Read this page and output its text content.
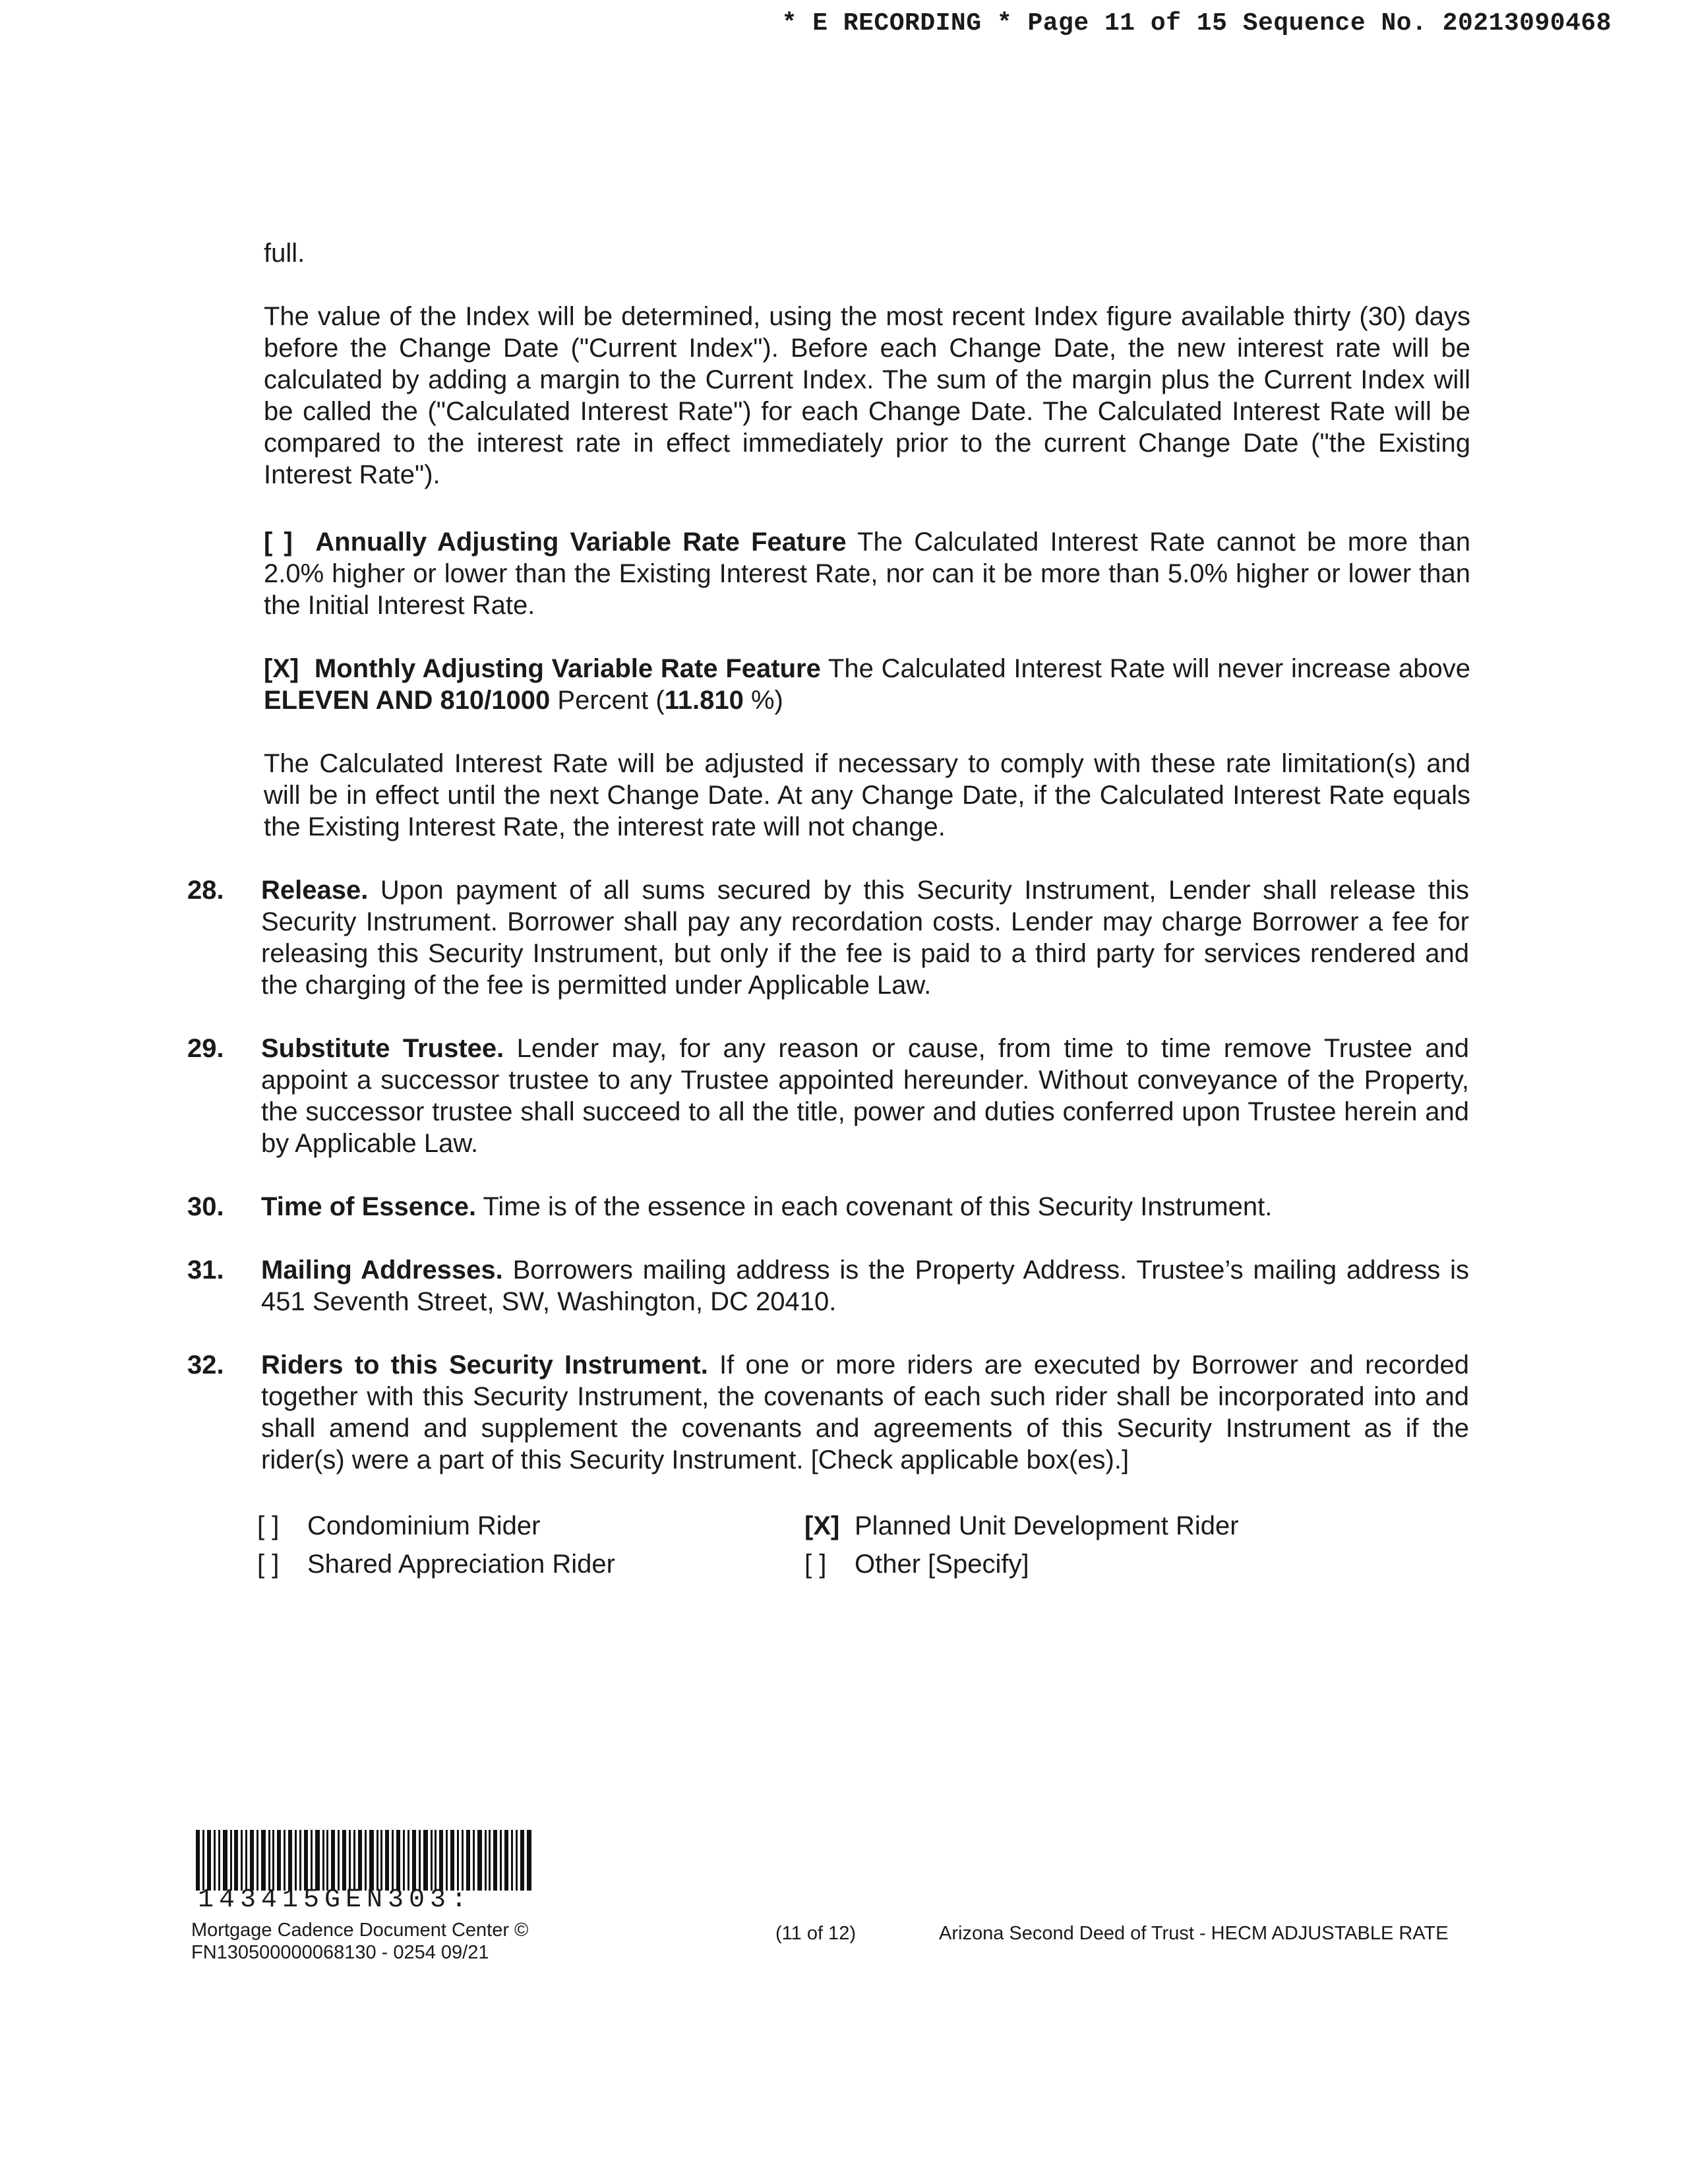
* E RECORDING * Page 11 of 15 Sequence No. 20213090468

full.

The value of the Index will be determined, using the most recent Index figure available thirty (30) days before the Change Date ("Current Index"). Before each Change Date, the new interest rate will be calculated by adding a margin to the Current Index. The sum of the margin plus the Current Index will be called the ("Calculated Interest Rate") for each Change Date. The Calculated Interest Rate will be compared to the interest rate in effect immediately prior to the current Change Date ("the Existing Interest Rate").

[ ] Annually Adjusting Variable Rate Feature The Calculated Interest Rate cannot be more than 2.0% higher or lower than the Existing Interest Rate, nor can it be more than 5.0% higher or lower than the Initial Interest Rate.

[X] Monthly Adjusting Variable Rate Feature The Calculated Interest Rate will never increase above ELEVEN AND 810/1000 Percent (11.810 %)

The Calculated Interest Rate will be adjusted if necessary to comply with these rate limitation(s) and will be in effect until the next Change Date. At any Change Date, if the Calculated Interest Rate equals the Existing Interest Rate, the interest rate will not change.

28. Release. Upon payment of all sums secured by this Security Instrument, Lender shall release this Security Instrument. Borrower shall pay any recordation costs. Lender may charge Borrower a fee for releasing this Security Instrument, but only if the fee is paid to a third party for services rendered and the charging of the fee is permitted under Applicable Law.
29. Substitute Trustee. Lender may, for any reason or cause, from time to time remove Trustee and appoint a successor trustee to any Trustee appointed hereunder. Without conveyance of the Property, the successor trustee shall succeed to all the title, power and duties conferred upon Trustee herein and by Applicable Law.
30. Time of Essence. Time is of the essence in each covenant of this Security Instrument.
31. Mailing Addresses. Borrowers mailing address is the Property Address. Trustee’s mailing address is 451 Seventh Street, SW, Washington, DC 20410.
32. Riders to this Security Instrument. If one or more riders are executed by Borrower and recorded together with this Security Instrument, the covenants of each such rider shall be incorporated into and shall amend and supplement the covenants and agreements of this Security Instrument as if the rider(s) were a part of this Security Instrument. [Check applicable box(es).]
[ ] Condominium Rider
[ ] Shared Appreciation Rider
[X] Planned Unit Development Rider
[ ] Other [Specify]
143415GEN303:
Mortgage Cadence Document Center ©
FN130500000068130 - 0254 09/21
(11 of 12)	Arizona Second Deed of Trust - HECM ADJUSTABLE RATE
